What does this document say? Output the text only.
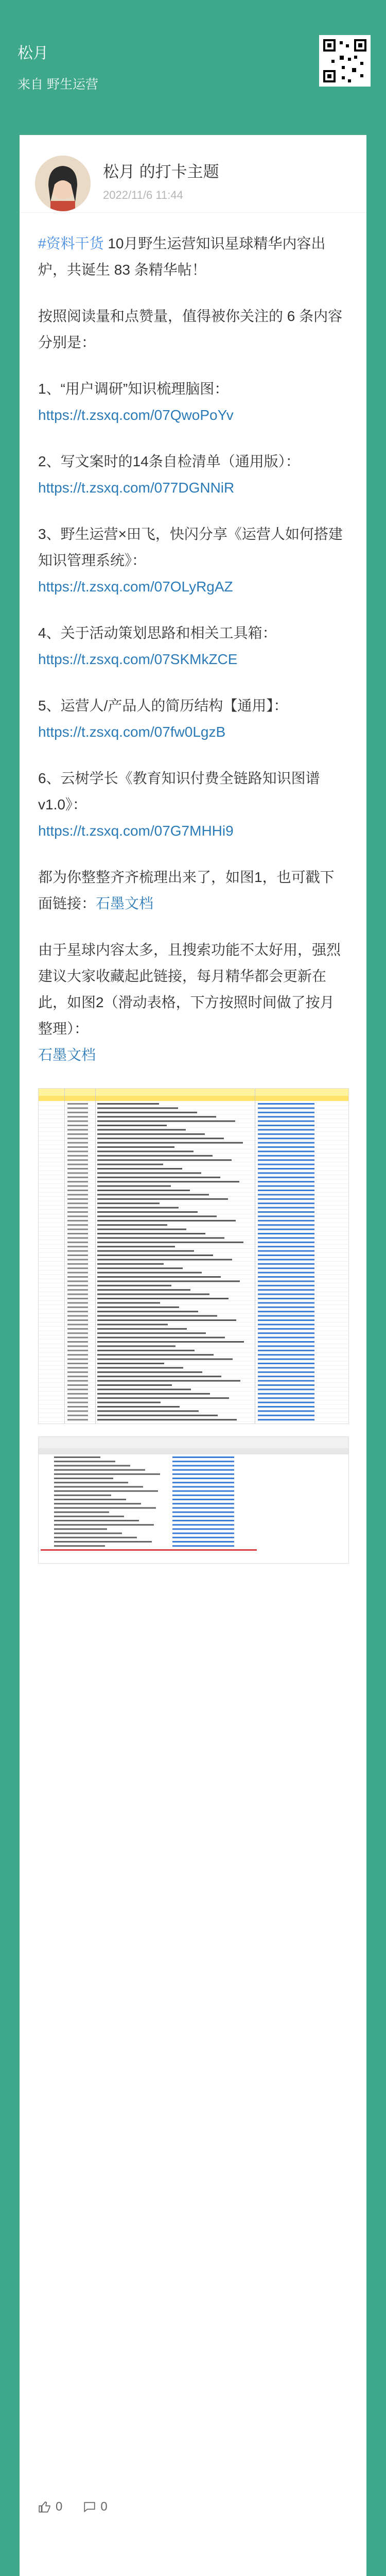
松月
来自 野生运营
松月 的打卡主题
2022/11/6 11:44

#资料干货 10月野生运营知识星球精华内容出炉，共诞生 83 条精华帖！

按照阅读量和点赞量，值得被你关注的 6 条内容分别是：

1、“用户调研”知识梳理脑图：
https://t.zsxq.com/07QwoPoYv

2、写文案时的14条自检清单（通用版）：
https://t.zsxq.com/077DGNNiR

3、野生运营×田飞，快闪分享《运营人如何搭建知识管理系统》：
https://t.zsxq.com/07OLyRgAZ

4、关于活动策划思路和相关工具箱：
https://t.zsxq.com/07SKMkZCE

5、运营人/产品人的简历结构【通用】：
https://t.zsxq.com/07fw0LgzB

6、云树学长《教育知识付费全链路知识图谱v1.0》：
https://t.zsxq.com/07G7MHHi9

都为你整整齐齐梳理出来了，如图1，也可戳下面链接：石墨文档

由于星球内容太多，且搜索功能不太好用，强烈建议大家收藏起此链接，每月精华都会更新在此，如图2（滑动表格，下方按照时间做了按月整理）：
石墨文档

0	0
